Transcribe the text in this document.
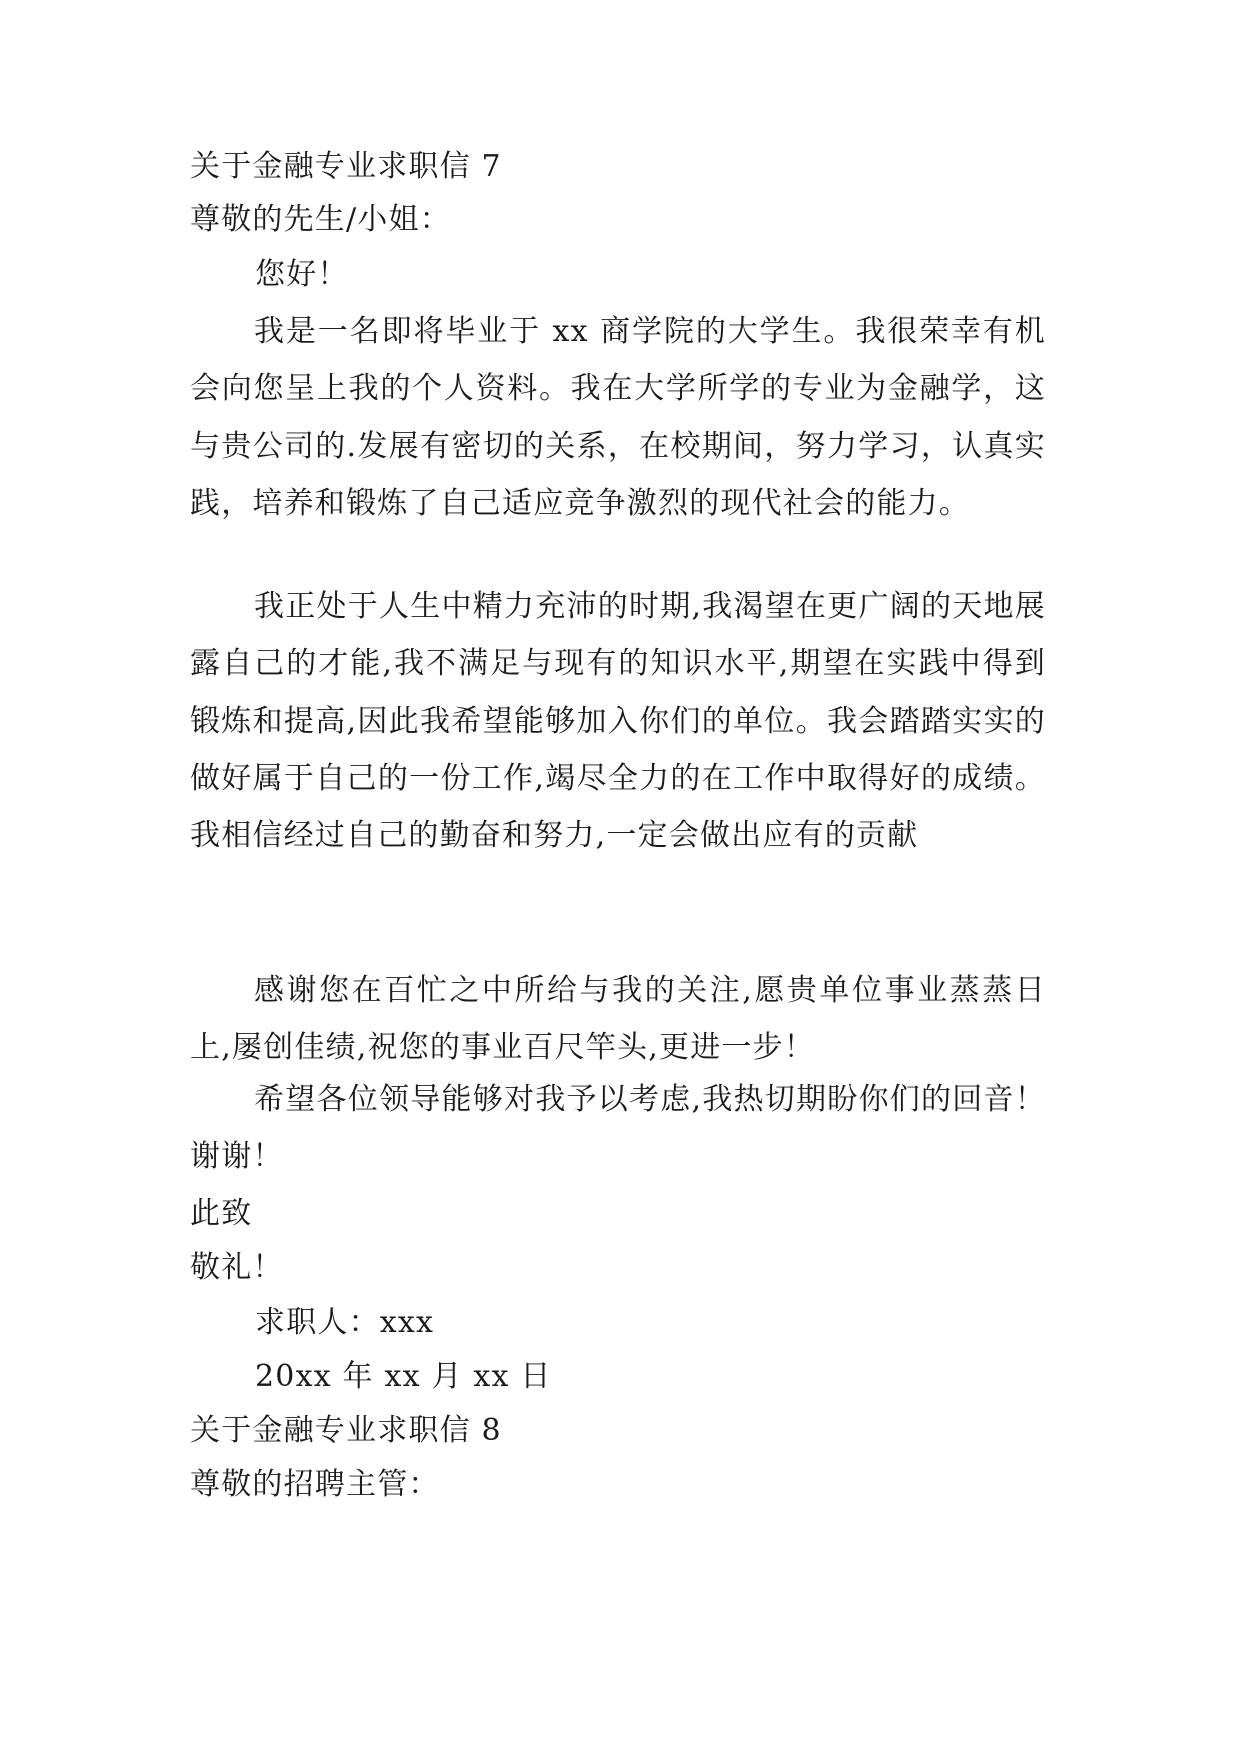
关于金融专业求职信 7
尊敬的先生/小姐：
您好！
我是一名即将毕业于 xx 商学院的大学生。我很荣幸有机会向您呈上我的个人资料。我在大学所学的专业为金融学，这与贵公司的.发展有密切的关系，在校期间，努力学习，认真实践，培养和锻炼了自己适应竞争激烈的现代社会的能力。
我正处于人生中精力充沛的时期,我渴望在更广阔的天地展露自己的才能,我不满足与现有的知识水平,期望在实践中得到锻炼和提高,因此我希望能够加入你们的单位。我会踏踏实实的做好属于自己的一份工作,竭尽全力的在工作中取得好的成绩。我相信经过自己的勤奋和努力,一定会做出应有的贡献
感谢您在百忙之中所给与我的关注,愿贵单位事业蒸蒸日上,屡创佳绩,祝您的事业百尺竿头,更进一步！
希望各位领导能够对我予以考虑,我热切期盼你们的回音！谢谢！
此致
敬礼！
求职人：xxx
20xx 年 xx 月 xx 日
关于金融专业求职信 8
尊敬的招聘主管：
